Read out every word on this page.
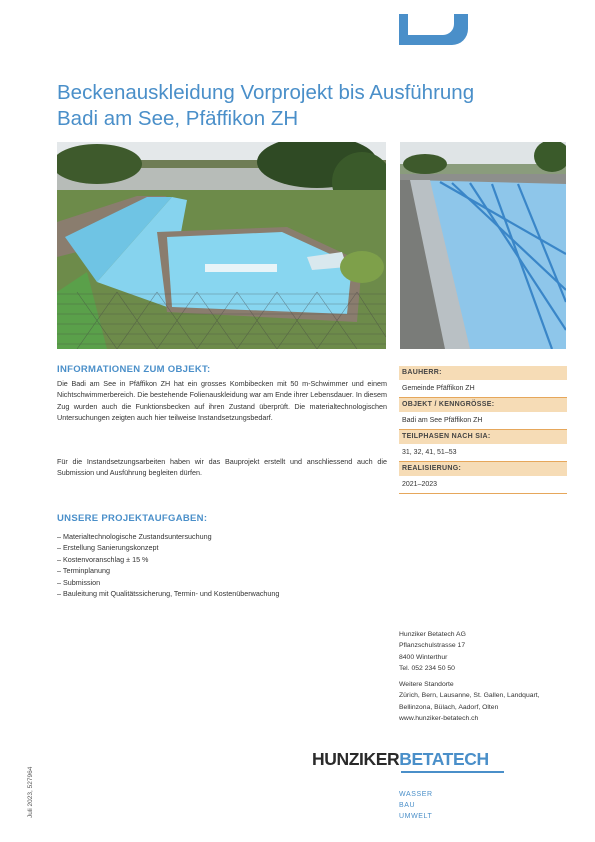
Beckenauskleidung Vorprojekt bis Ausführung
Badi am See, Pfäffikon ZH
INFORMATIONEN ZUM OBJEKT:

Die Badi am See in Pfäffikon ZH hat ein grosses Kombibecken mit 50 m-Schwimmer und einem Nichtschwimmerbereich. Die bestehende Folienauskleidung war am Ende ihrer Lebensdauer. In diesem Zug wurden auch die Funktionsbecken auf ihren Zustand überprüft. Die materialtechnologischen Untersuchungen zeigten auch hier teilweise Instandsetzungsbedarf.

Für die Instandsetzungsarbeiten haben wir das Bauprojekt erstellt und anschliessend auch die Submission und Ausführung begleiten dürfen.

UNSERE PROJEKTAUFGABEN:
– Materialtechnologische Zustandsuntersuchung
– Erstellung Sanierungskonzept
– Kostenvoranschlag ± 15 %
– Terminplanung
– Submission
– Bauleitung mit Qualitätssicherung, Termin- und Kostenüberwachung
BAUHERR:
Gemeinde Pfäffikon ZH
OBJEKT / KENNGRÖSSE:
Badi am See Pfäffikon ZH
TEILPHASEN NACH SIA:
31, 32, 41, 51–53
REALISIERUNG:
2021–2023
Hunziker Betatech AG
Pflanzschulstrasse 17
8400 Winterthur
Tel. 052 234 50 50
Weitere Standorte
Zürich, Bern, Lausanne, St. Gallen, Landquart,
Bellinzona, Bülach, Aadorf, Olten
www.hunziker-betatech.ch
HUNZIKERBETATECH
WASSER
BAU
UMWELT
Juli 2023, 527964
